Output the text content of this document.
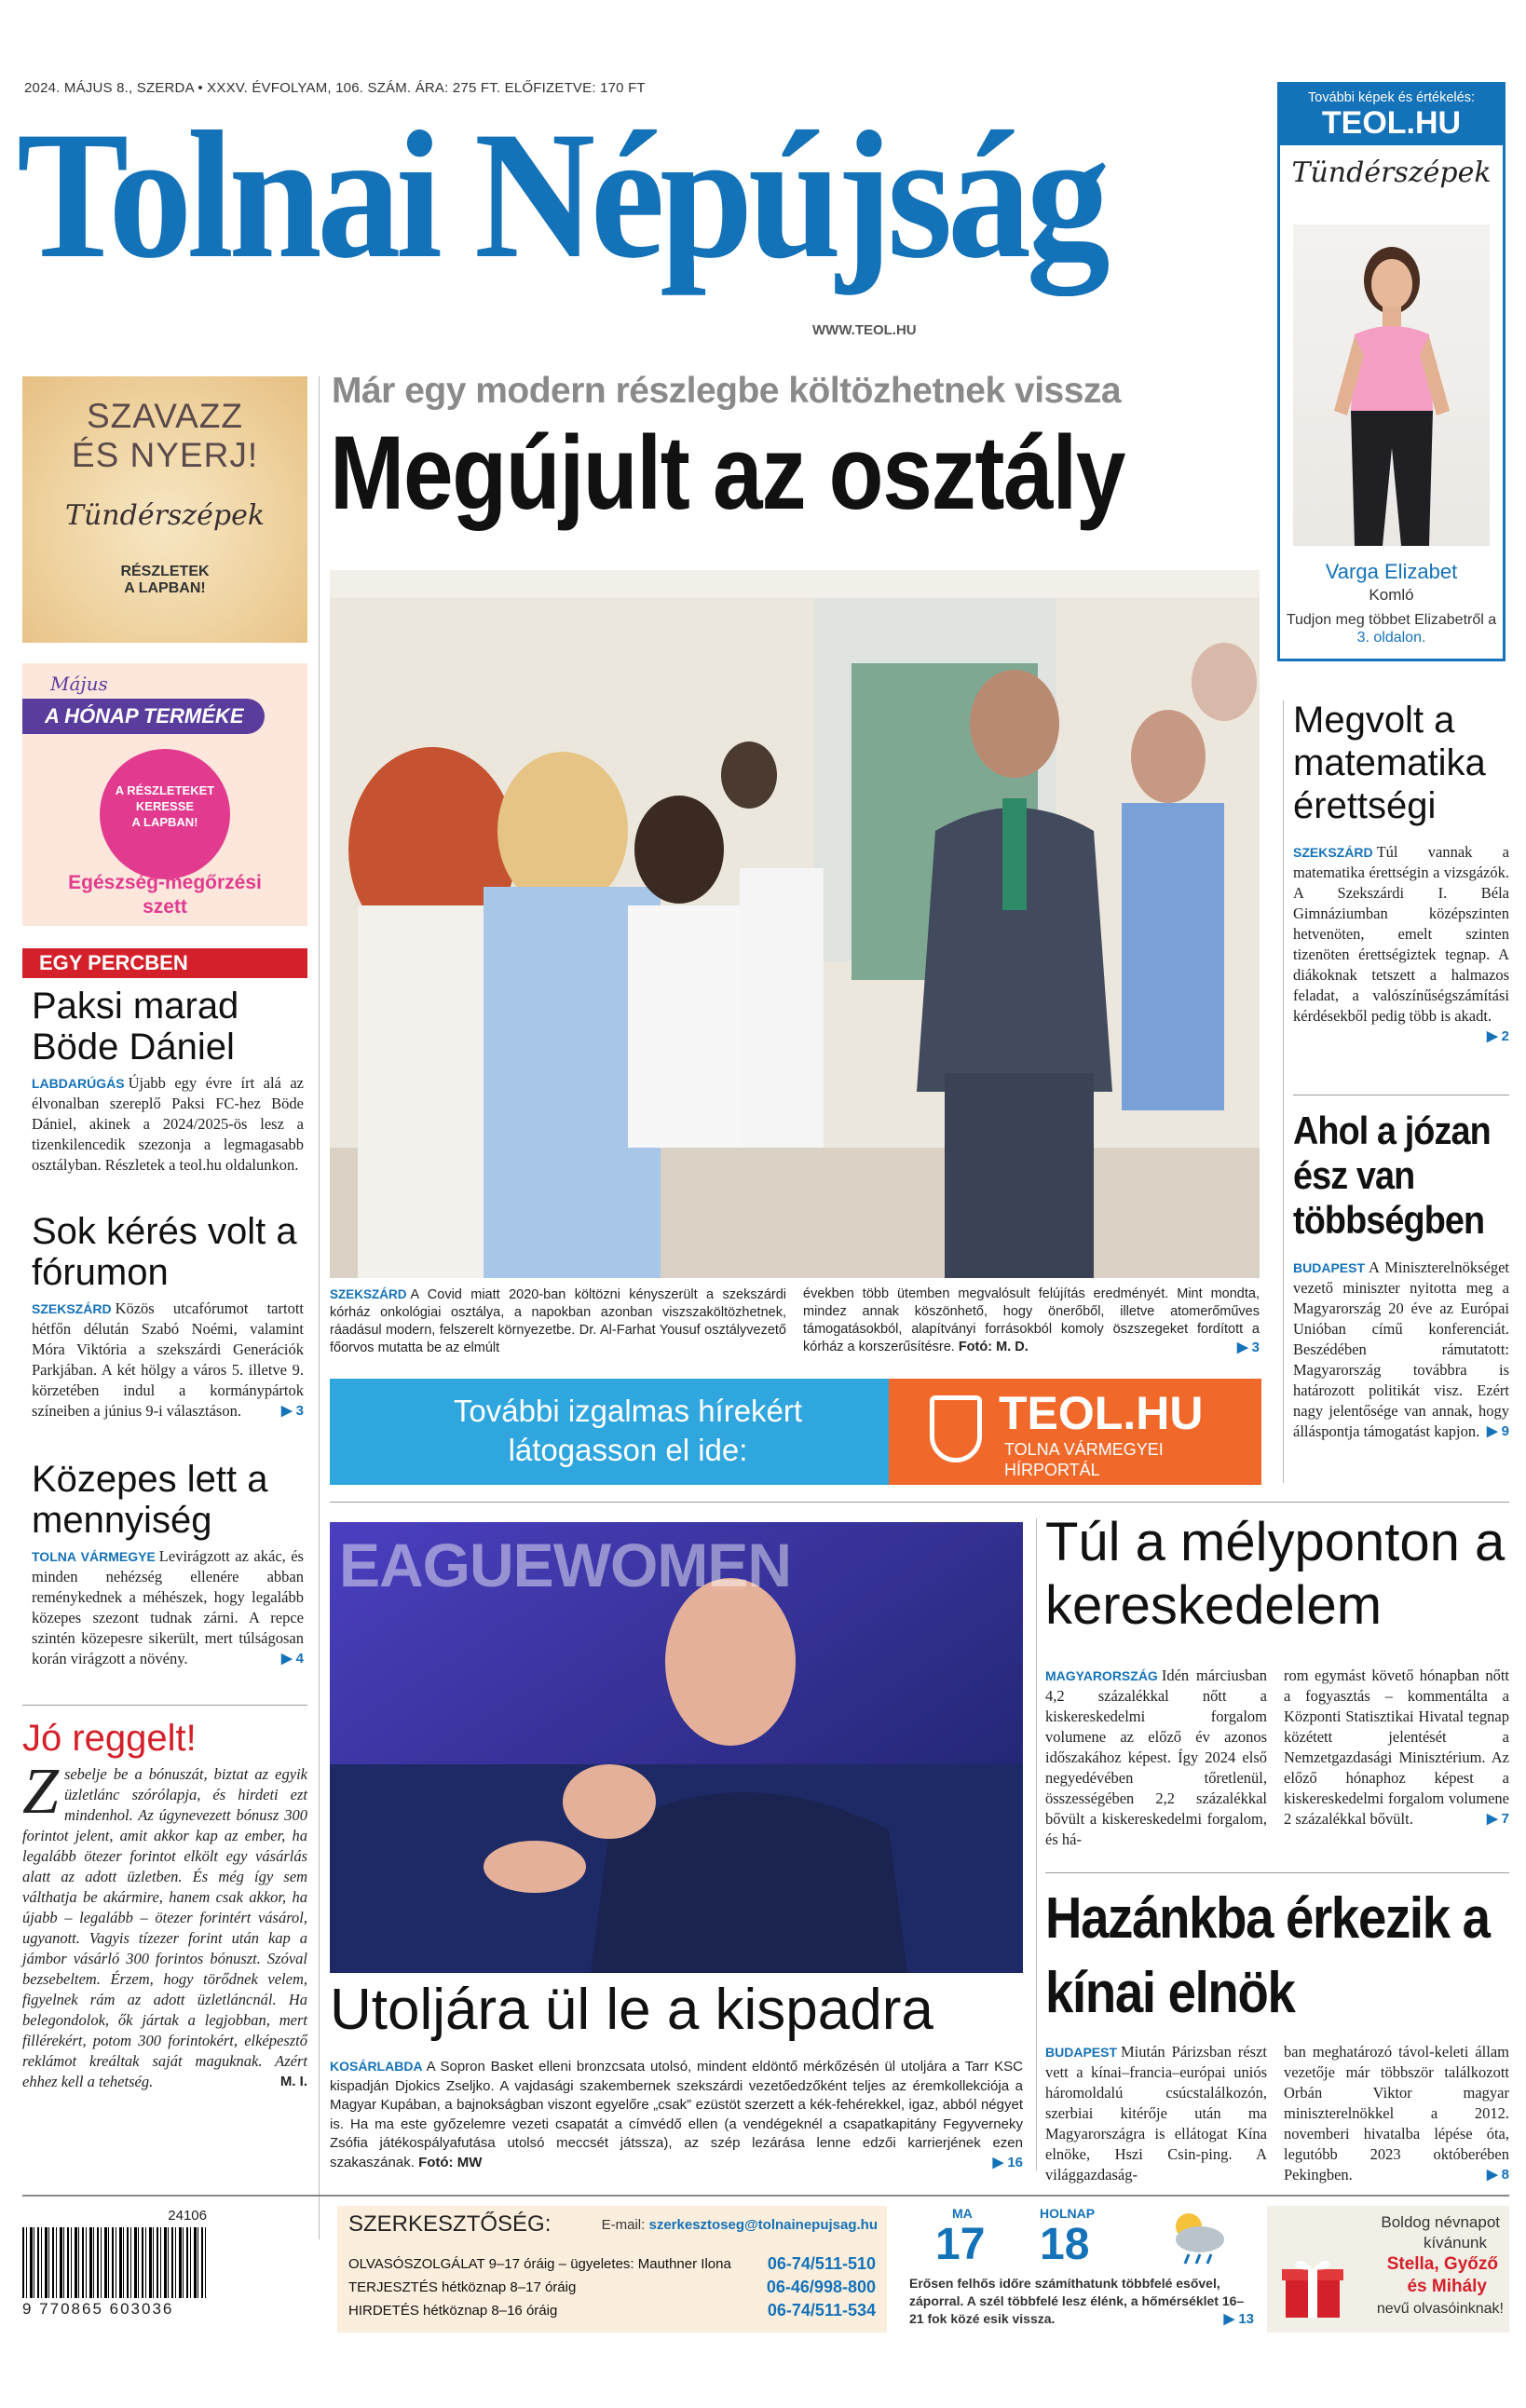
2024. MÁJUS 8., SZERDA • XXXV. ÉVFOLYAM, 106. SZÁM. ÁRA: 275 FT. ELŐFIZETVE: 170 FT
Tolnai Népújság
WWW.TEOL.HU
További képek és értékelés:
TEOL.HU
Tündérszépek
Varga Elizabet
Komló
Tudjon meg többet Elizabetről a 3. oldalon.
SZAVAZZ
ÉS NYERJ!
Tündérszépek
RÉSZLETEK
A LAPBAN!
Május
A HÓNAP TERMÉKE
A RÉSZLETEKET
KERESSE
A LAPBAN!
Egészség-megőrzési
szett
EGY PERCBEN
Paksi marad Böde Dániel
LABDARÚGÁS Újabb egy évre írt alá az élvonalban szereplő Paksi FC-hez Böde Dániel, akinek a 2024/2025-ös lesz a tizenkilencedik szezonja a legmagasabb osztályban. Részletek a teol.hu oldalunkon.
Sok kérés volt a fórumon
SZEKSZÁRD Közös utcafórumot tartott hétfőn délután Szabó Noémi, valamint Móra Viktória a szekszárdi Generációk Parkjában. A két hölgy a város 5. illetve 9. körzetében indul a kormánypártok színeiben a június 9-i választáson.	▶ 3
Közepes lett a mennyiség
TOLNA VÁRMEGYE Levirágzott az akác, és minden nehézség ellenére abban reménykednek a méhészek, hogy legalább közepes szezont tudnak zárni. A repce szintén közepesre sikerült, mert túlságosan korán virágzott a növény.	▶ 4
Jó reggelt!
Zsebelje be a bónuszát, biztat az egyik üzletlánc szórólapja, és hirdeti ezt mindenhol. Az úgynevezett bónusz 300 forintot jelent, amit akkor kap az ember, ha legalább ötezer forintot elkölt egy vásárlás alatt az adott üzletben. És még így sem válthatja be akármire, hanem csak akkor, ha újabb – legalább – ötezer forintért vásárol, ugyanott. Vagyis tízezer forint után kap a jámbor vásárló 300 forintos bónuszt. Szóval bezsebeltem. Érzem, hogy törődnek velem, figyelnek rám az adott üzletláncnál. Ha belegondolok, ők jártak a legjobban, mert fillérekért, potom 300 forintokért, elképesztő reklámot kreáltak saját maguknak. Azért ehhez kell a tehetség.	M. I.
Már egy modern részlegbe költözhetnek vissza
Megújult az osztály
SZEKSZÁRD A Covid miatt 2020-ban költözni kényszerült a szekszárdi kórház onkológiai osztálya, a napokban azonban viszszaköltözhetnek, ráadásul modern, felszerelt környezetbe. Dr. Al-Farhat Yousuf osztályvezető főorvos mutatta be az elmúlt
években több ütemben megvalósult felújítás eredményét. Mint mondta, mindez annak köszönhető, hogy önerőből, illetve atomerőműves támogatásokból, alapítványi forrásokból komoly öszszegeket fordított a kórház a korszerűsítésre. Fotó: M. D.	▶ 3
Megvolt a matematika érettségi
SZEKSZÁRD Túl vannak a matematika érettségin a vizsgázók. A Szekszárdi I. Béla Gimnáziumban középszinten hetvenöten, emelt szinten tizenöten érettségiztek tegnap. A diákoknak tetszett a halmazos feladat, a valószínűségszámítási kérdésekből pedig több is akadt.
▶ 2
Ahol a józan ész van többségben
BUDAPEST A Miniszterelnökséget vezető miniszter nyitotta meg a Magyarország 20 éve az Európai Unióban című konferenciát. Beszédében rámutatott: Magyarország továbbra is határozott politikát visz. Ezért nagy jelentősége van annak, hogy álláspontja támogatást kapjon. ▶ 9
További izgalmas hírekért
látogasson el ide:
TEOL.HU
TOLNA VÁRMEGYEI
HÍRPORTÁL
EAGUEWOMEN
Utoljára ül le a kispadra
KOSÁRLABDA A Sopron Basket elleni bronzcsata utolsó, mindent eldöntő mérkőzésén ül utoljára a Tarr KSC kispadján Djokics Zseljko. A vajdasági szakembernek szekszárdi vezetőedzőként teljes az éremkollekciója a Magyar Kupában, a bajnokságban viszont egyelőre „csak” ezüstöt szerzett a kék-fehérekkel, igaz, abból négyet is. Ha ma este győzelemre vezeti csapatát a címvédő ellen (a vendégeknél a csapatkapitány Fegyverneky Zsófia játékospályafutása utolsó meccsét játssza), az szép lezárása lenne edzői karrierjének ezen szakaszának. Fotó: MW	▶ 16
Túl a mélyponton a kereskedelem
MAGYARORSZÁG Idén márciusban 4,2 százalékkal nőtt a kiskereskedelmi forgalom volumene az előző év azonos időszakához képest. Így 2024 első negyedévében tőretlenül, összességében 2,2 százalékkal bővült a kiskereskedelmi forgalom, és há-
rom egymást követő hónapban nőtt a fogyasztás – kommentálta a Központi Statisztikai Hivatal tegnap közétett jelentését a Nemzetgazdasági Minisztérium. Az előző hónaphoz képest a kiskereskedelmi forgalom volumene 2 százalékkal bővült.	▶ 7
Hazánkba érkezik a kínai elnök
BUDAPEST Miután Párizsban részt vett a kínai–francia–európai uniós háromoldalú csúcstalálkozón, szerbiai kitérője után ma Magyarországra is ellátogat Kína elnöke, Hszi Csin-ping. A világgazdaság-
ban meghatározó távol-keleti állam vezetője már többször találkozott Orbán Viktor magyar miniszterelnökkel a 2012. novemberi hivatalba lépése óta, legutóbb 2023 októberében Pekingben.	▶ 8
24106
9 770865 603036
SZERKESZTŐSÉG:	E-mail: szerkesztoseg@tolnainepujsag.hu
OLVASÓSZOLGÁLAT 9–17 óráig – ügyeletes: Mauthner Ilona 06-74/511-510
TERJESZTÉS hétköznap 8–17 óráig	06-46/998-800
HIRDETÉS hétköznap 8–16 óráig	06-74/511-534
MA
17
HOLNAP
18
Erősen felhős időre számíthatunk többfelé esővel, záporral. A szél többfelé lesz élénk, a hőmérséklet 16–21 fok közé esik vissza.	▶ 13
Boldog névnapot
kívánunk
Stella, Győző
és Mihály
nevű olvasóinknak!
